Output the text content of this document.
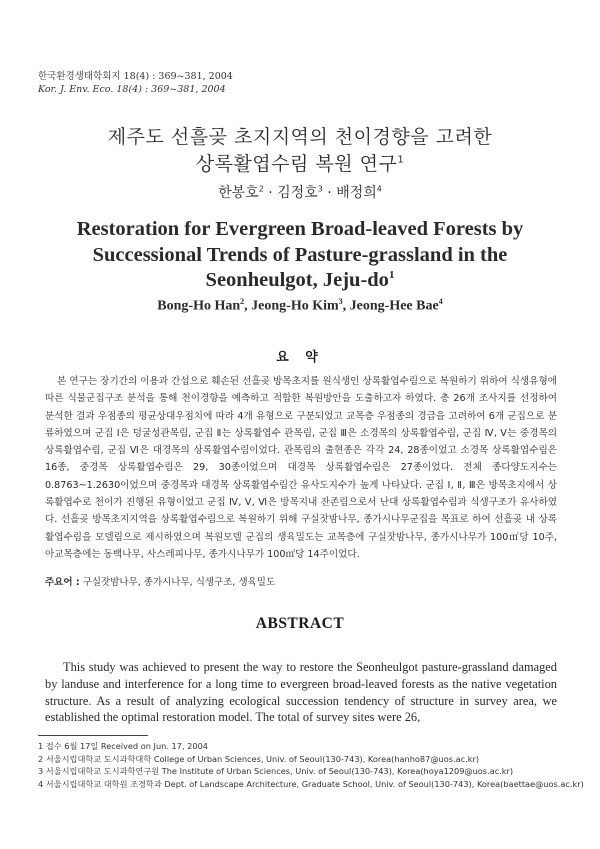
한국환경생태학회지 18(4) : 369~381, 2004
Kor. J. Env. Eco. 18(4) : 369~381, 2004
제주도 선흘곶 초지지역의 천이경향을 고려한
상록활엽수림 복원 연구$^1$
한봉호$^2$ · 김정호$^3$ · 배정희$^4$
Restoration for Evergreen Broad-leaved Forests by
Successional Trends of Pasture-grassland in the
Seonheulgot, Jeju-$do^1$
Bong-Ho Han$^2$, Jeong-Ho Kim$^3$, Jeong-Hee Bae$^4$
요 약
본 연구는 장기간의 이용과 간섭으로 훼손된 선흘곶 방목초지를 원식생인 상록활엽수림으로 복원하기 위하여 식생유형에 따른 식물군집구조 분석을 통해 천이경향을 예측하고 적합한 복원방안을 도출하고자 하였다. 총 26개 조사지를 선정하여 분석한 결과 우점종의 평균상대우점치에 따라 4개 유형으로 구분되었고 교목층 우점종의 경급을 고려하여 6개 군집으로 분류하였으며 군집 Ⅰ은 덩굴성관목림, 군집 Ⅱ는 상록활엽수 관목림, 군집 Ⅲ은 소경목의 상록활엽수림, 군집 Ⅳ, Ⅴ는 중경목의 상록활엽수림, 군집 Ⅵ은 대경목의 상록활엽수림이었다. 관목림의 출현종은 각각 24, 28종이었고 소경목 상록활엽수림은 16종, 중경목 상록활엽수림은 29, 30종이었으며 대경목 상록활엽수림은 27종이었다. 전체 종다양도지수는 0.8763~1.2630이었으며 중경목과 대경목 상록활엽수림간 유사도지수가 높게 나타났다. 군집 Ⅰ, Ⅱ, Ⅲ은 방목초지에서 상록활엽수로 천이가 진행된 유형이었고 군집 Ⅳ, Ⅴ, Ⅵ은 방목지내 잔존림으로서 난대 상록활엽수림과 식생구조가 유사하였다. 선흘곶 방목초지지역을 상록활엽수림으로 복원하기 위해 구실잣밤나무, 종가시나무군집을 목표로 하여 선흘곶 내 상록활엽수림을 모델림으로 제시하였으며 복원모델 군집의 생육밀도는 교목층에 구실잣밤나무, 종가시나무가 100㎡당 10주, 아교목층에는 동백나무, 사스레피나무, 종가시나무가 100㎡당 14주이었다.
주요어 : 구실잣밤나무, 종가시나무, 식생구조, 생육밀도
ABSTRACT
This study was achieved to present the way to restore the Seonheulgot pasture-grassland damaged by landuse and interference for a long time to evergreen broad-leaved forests as the native vegetation structure. As a result of analyzing ecological succession tendency of structure in survey area, we established the optimal restoration model. The total of survey sites were 26,
1 접수 6월 17일 Received on Jun. 17, 2004
2 서울시립대학교 도시과학대학 College of Urban Sciences, Univ. of Seoul(130-743), Korea(hanho87@uos.ac.kr)
3 서울시립대학교 도시과학연구원 The Institute of Urban Sciences, Univ. of Seoul(130-743), Korea(hoya1209@uos.ac.kr)
4 서울시립대학교 대학원 조경학과 Dept. of Landscape Architecture, Graduate School, Univ. of Seoul(130-743), Korea(baettae@uos.ac.kr)
